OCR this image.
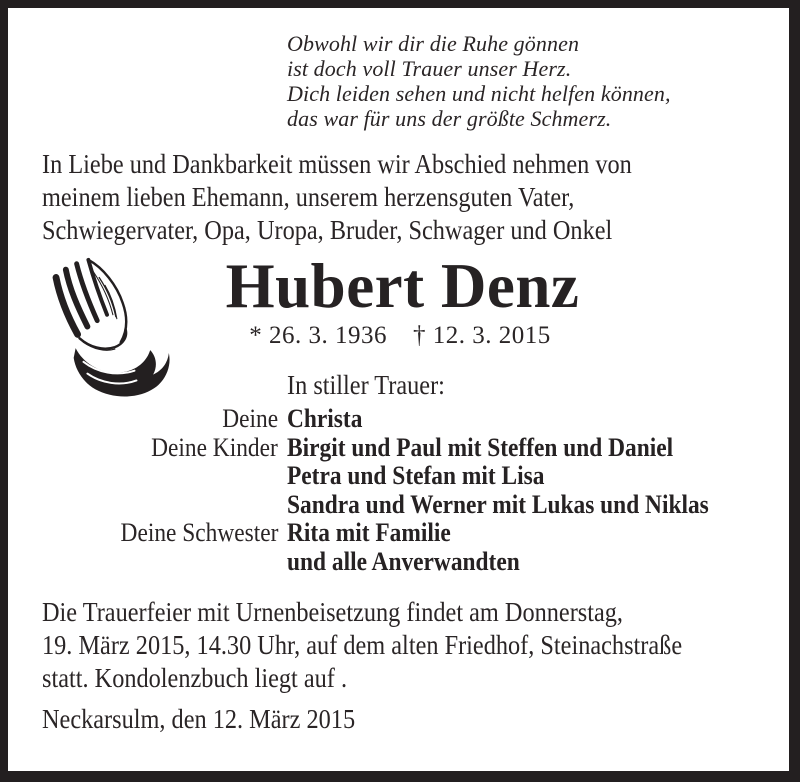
Obwohl wir dir die Ruhe gönnen
ist doch voll Trauer unser Herz.
Dich leiden sehen und nicht helfen können,
das war für uns der größte Schmerz.
In Liebe und Dankbarkeit müssen wir Abschied nehmen von
meinem lieben Ehemann, unserem herzensguten Vater,
Schwiegervater, Opa, Uropa, Bruder, Schwager und Onkel
Hubert Denz
* 26. 3. 1936 † 12. 3. 2015
In stiller Trauer:
Deine Christa
Deine Kinder Birgit und Paul mit Steffen und Daniel
Petra und Stefan mit Lisa
Sandra und Werner mit Lukas und Niklas
Deine Schwester Rita mit Familie
und alle Anverwandten
Die Trauerfeier mit Urnenbeisetzung findet am Donnerstag,
19. März 2015, 14.30 Uhr, auf dem alten Friedhof, Steinachstraße
statt. Kondolenzbuch liegt auf .
Neckarsulm, den 12. März 2015
